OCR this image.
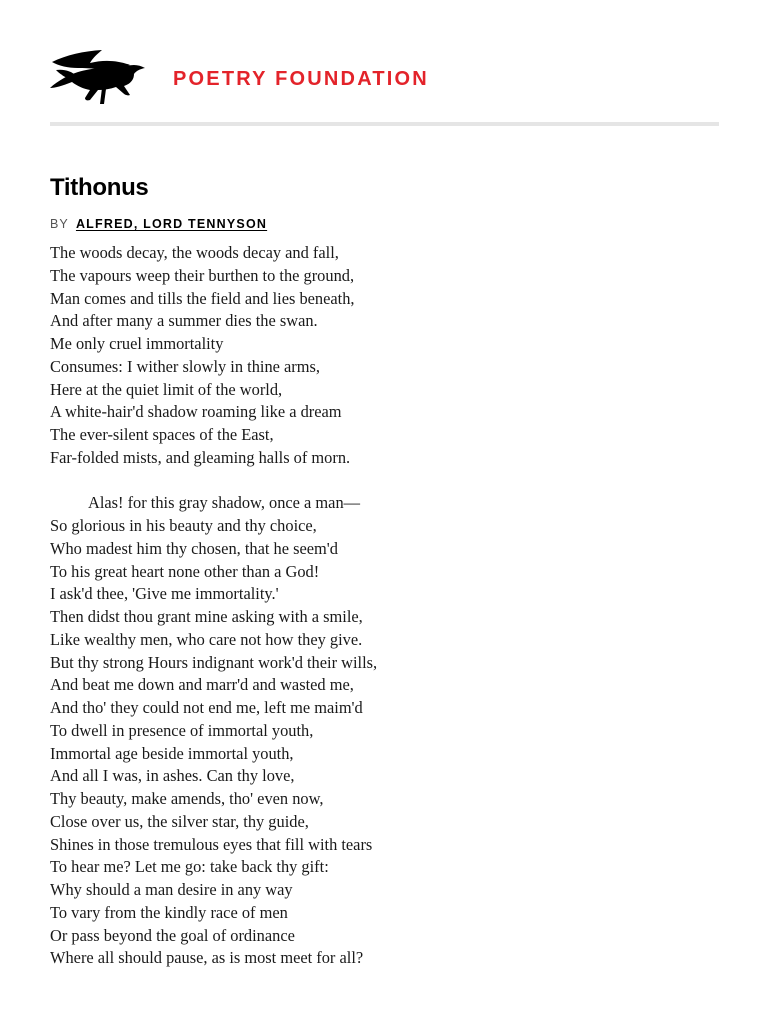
POETRY FOUNDATION
Tithonus
BY ALFRED, LORD TENNYSON

The woods decay, the woods decay and fall,
The vapours weep their burthen to the ground,
Man comes and tills the field and lies beneath,
And after many a summer dies the swan.
Me only cruel immortality
Consumes: I wither slowly in thine arms,
Here at the quiet limit of the world,
A white-hair'd shadow roaming like a dream
The ever-silent spaces of the East,
Far-folded mists, and gleaming halls of morn.

Alas! for this gray shadow, once a man—
So glorious in his beauty and thy choice,
Who madest him thy chosen, that he seem'd
To his great heart none other than a God!
I ask'd thee, 'Give me immortality.'
Then didst thou grant mine asking with a smile,
Like wealthy men, who care not how they give.
But thy strong Hours indignant work'd their wills,
And beat me down and marr'd and wasted me,
And tho' they could not end me, left me maim'd
To dwell in presence of immortal youth,
Immortal age beside immortal youth,
And all I was, in ashes. Can thy love,
Thy beauty, make amends, tho' even now,
Close over us, the silver star, thy guide,
Shines in those tremulous eyes that fill with tears
To hear me? Let me go: take back thy gift:
Why should a man desire in any way
To vary from the kindly race of men
Or pass beyond the goal of ordinance
Where all should pause, as is most meet for all?
